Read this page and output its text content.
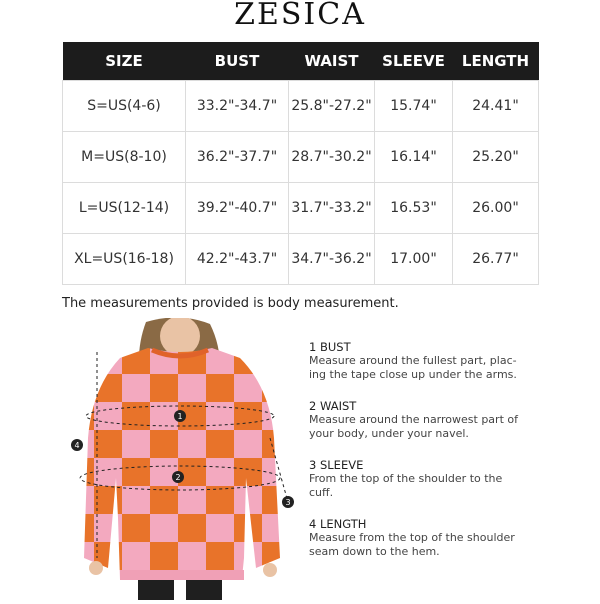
ZESICA
SIZE	BUST	WAIST	SLEEVE	LENGTH
S=US(4-6)	33.2"-34.7"	25.8"-27.2"	15.74"	24.41"
M=US(8-10)	36.2"-37.7"	28.7"-30.2"	16.14"	25.20"
L=US(12-14)	39.2"-40.7"	31.7"-33.2"	16.53"	26.00"
XL=US(16-18)	42.2"-43.7"	34.7"-36.2"	17.00"	26.77"
The measurements provided is body measurement.
1
2
3
4
1 BUST
Measure around the fullest part, plac-
ing the tape close up under the arms.
2 WAIST
Measure around the narrowest part of
your body, under your navel.
3 SLEEVE
From the top of the shoulder to the
cuff.
4 LENGTH
Measure from the top of the shoulder
seam down to the hem.
